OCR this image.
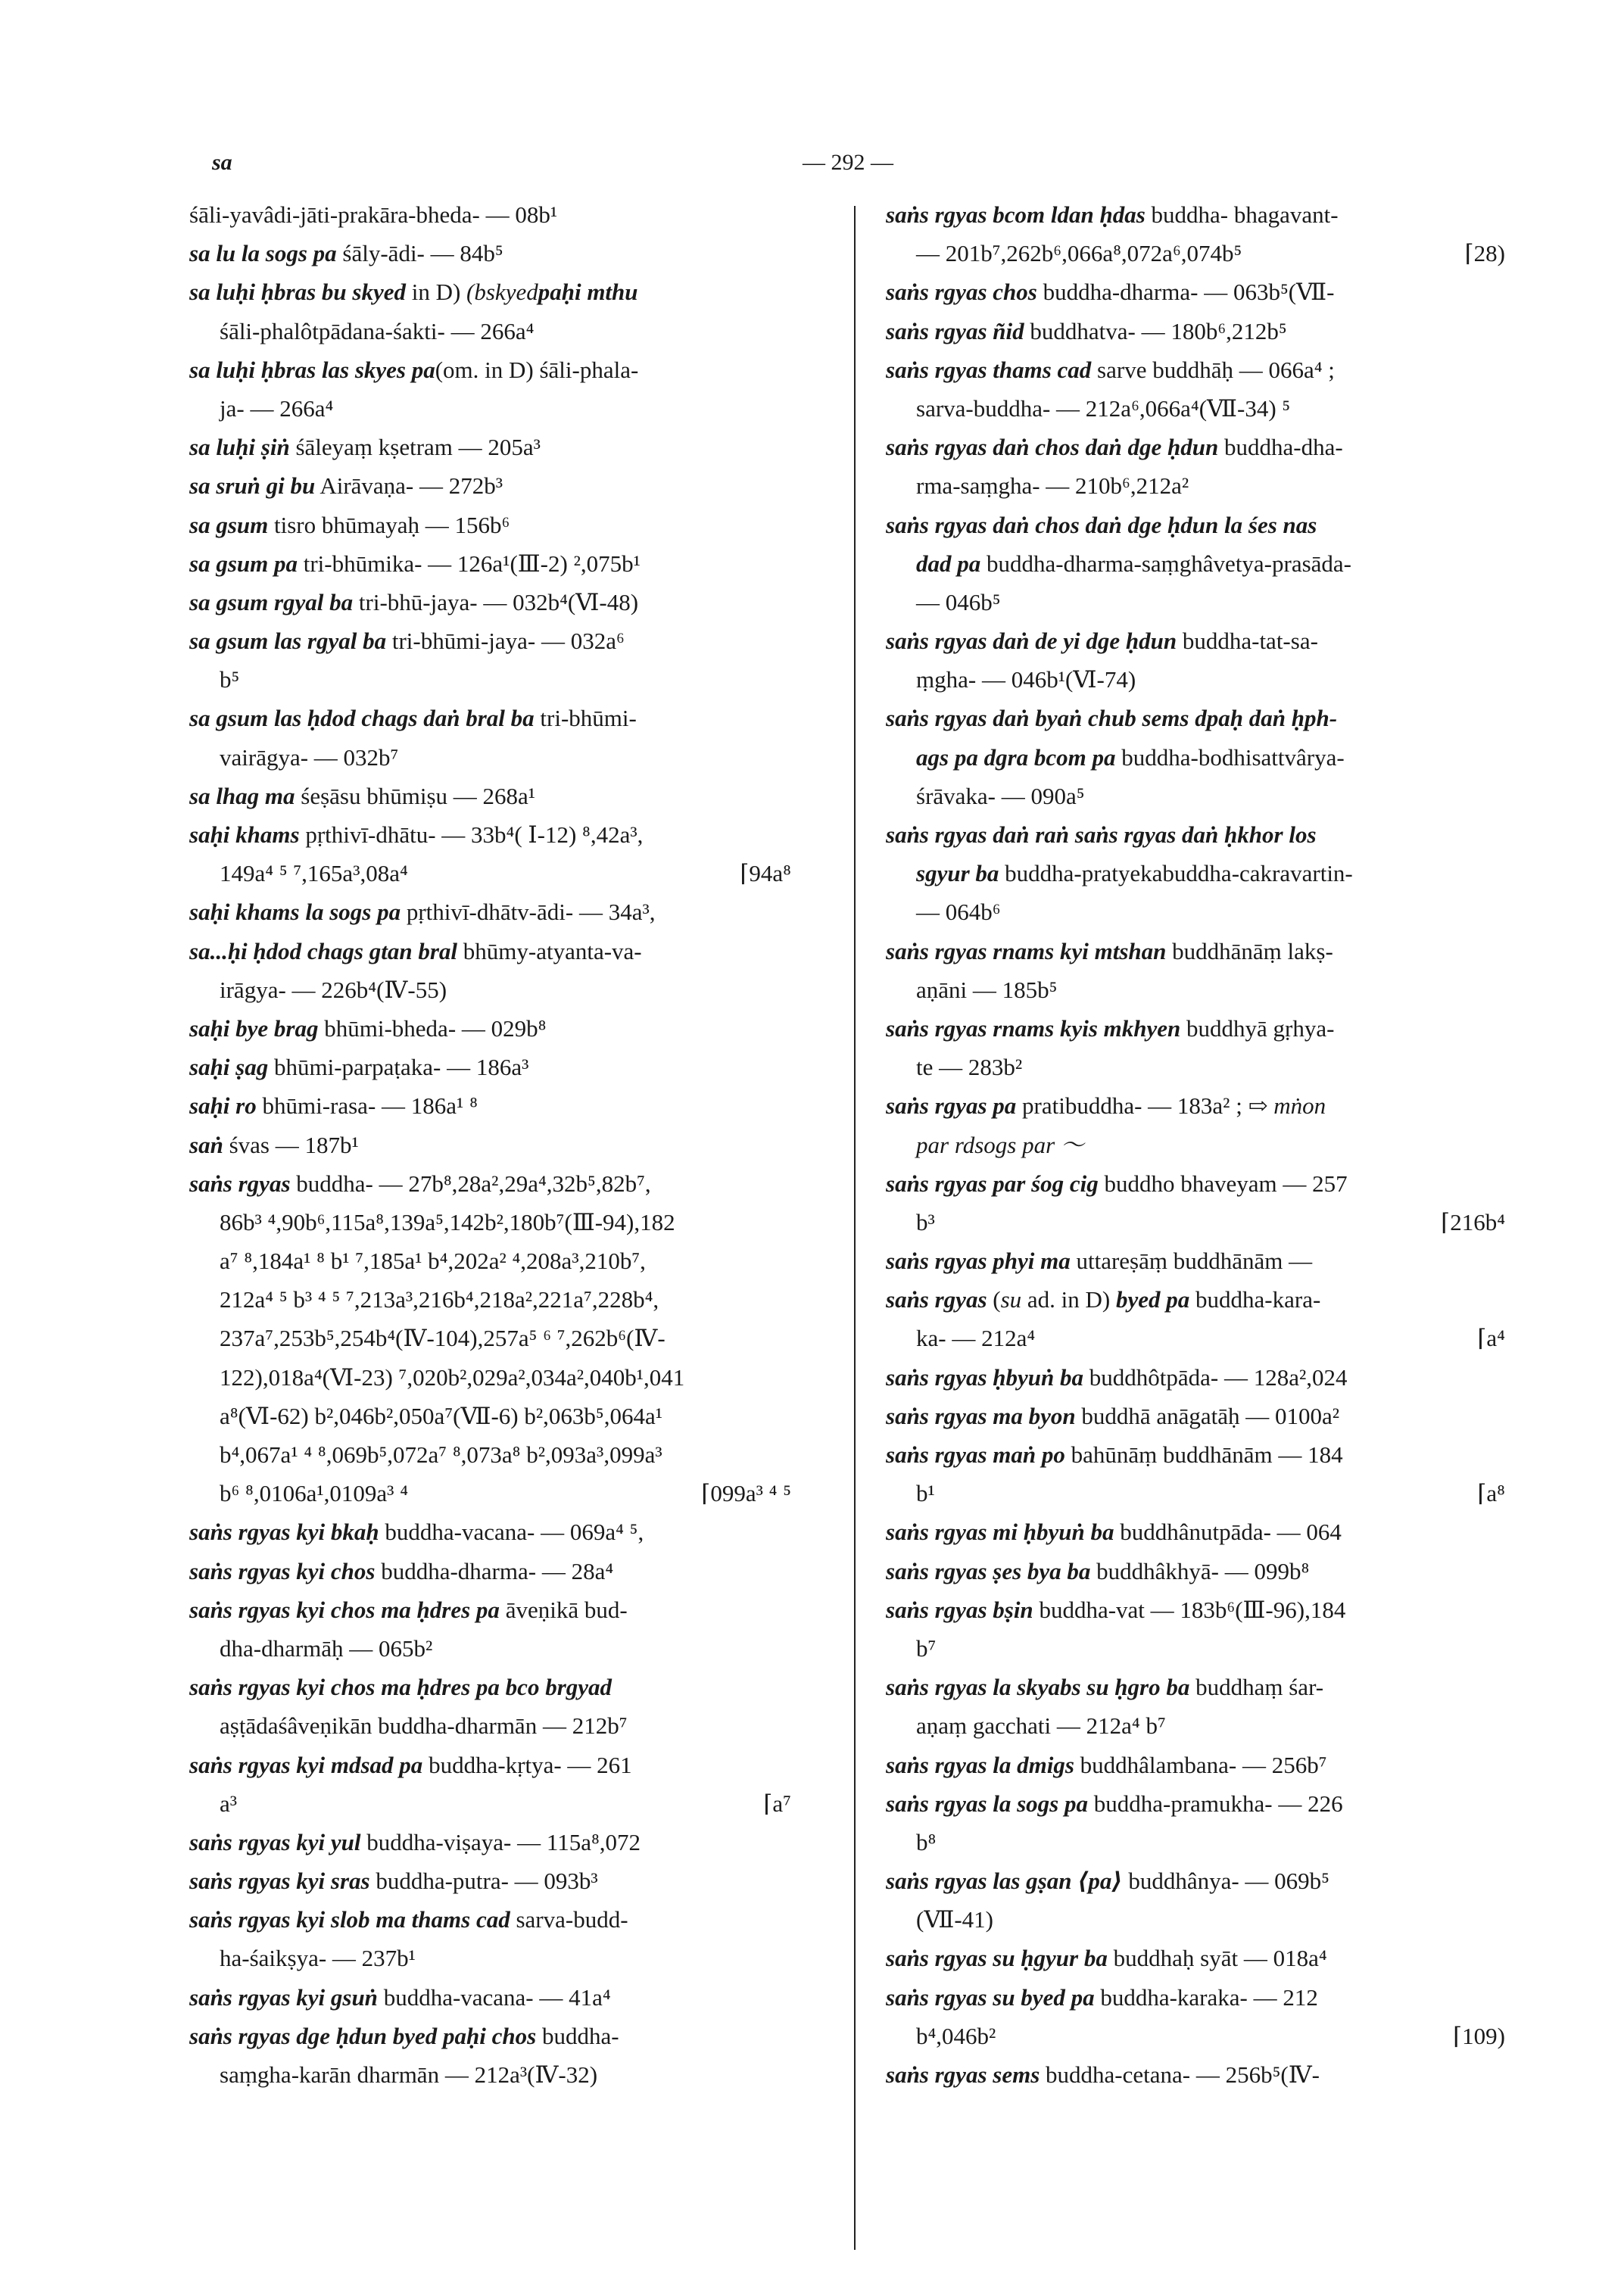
sa	— 292 —
śāli-yavâdi-jāti-prakāra-bheda- — 08b¹
sa lu la sogs pa śāly-ādi- — 84b⁵
sa luḥi ḥbras bu skyed in D) (bskyedpaḥi mthu
śāli-phalôtpādana-śakti- — 266a⁴
sa luḥi ḥbras las skyes pa(om. in D) śāli-phala-
ja- — 266a⁴
sa luḥi ṣiṅ śāleyaṃ kṣetram — 205a³
sa sruṅ gi bu Airāvaṇa- — 272b³
sa gsum tisro bhūmayaḥ — 156b⁶
sa gsum pa tri-bhūmika- — 126a¹(Ⅲ-2) ²,075b¹
sa gsum rgyal ba tri-bhū-jaya- — 032b⁴(Ⅵ-48)
sa gsum las rgyal ba tri-bhūmi-jaya- — 032a⁶
b⁵
sa gsum las ḥdod chags daṅ bral ba tri-bhūmi-
vairāgya- — 032b⁷
sa lhag ma śeṣāsu bhūmiṣu — 268a¹
saḥi khams pṛthivī-dhātu- — 33b⁴( Ⅰ-12) ⁸,42a³,
⌈94a⁸
149a⁴ ⁵ ⁷,165a³,08a⁴
saḥi khams la sogs pa pṛthivī-dhātv-ādi- — 34a³,
sa...ḥi ḥdod chags gtan bral bhūmy-atyanta-va-
irāgya- — 226b⁴(Ⅳ-55)
saḥi bye brag bhūmi-bheda- — 029b⁸
saḥi ṣag bhūmi-parpaṭaka- — 186a³
saḥi ro bhūmi-rasa- — 186a¹ ⁸
saṅ śvas — 187b¹
saṅs rgyas buddha- — 27b⁸,28a²,29a⁴,32b⁵,82b⁷,
86b³ ⁴,90b⁶,115a⁸,139a⁵,142b²,180b⁷(Ⅲ-94),182
a⁷ ⁸,184a¹ ⁸ b¹ ⁷,185a¹ b⁴,202a² ⁴,208a³,210b⁷,
212a⁴ ⁵ b³ ⁴ ⁵ ⁷,213a³,216b⁴,218a²,221a⁷,228b⁴,
237a⁷,253b⁵,254b⁴(Ⅳ-104),257a⁵ ⁶ ⁷,262b⁶(Ⅳ-
122),018a⁴(Ⅵ-23) ⁷,020b²,029a²,034a²,040b¹,041
a⁸(Ⅵ-62) b²,046b²,050a⁷(Ⅶ-6) b²,063b⁵,064a¹
b⁴,067a¹ ⁴ ⁸,069b⁵,072a⁷ ⁸,073a⁸ b²,093a³,099a³
⌈099a³ ⁴ ⁵
b⁶ ⁸,0106a¹,0109a³ ⁴
saṅs rgyas kyi bkaḥ buddha-vacana- — 069a⁴ ⁵,
saṅs rgyas kyi chos buddha-dharma- — 28a⁴
saṅs rgyas kyi chos ma ḥdres pa āveṇikā bud-
dha-dharmāḥ — 065b²
saṅs rgyas kyi chos ma ḥdres pa bco brgyad
aṣṭādaśâveṇikān buddha-dharmān — 212b⁷
saṅs rgyas kyi mdsad pa buddha-kṛtya- — 261
⌈a⁷
a³
saṅs rgyas kyi yul buddha-viṣaya- — 115a⁸,072
saṅs rgyas kyi sras buddha-putra- — 093b³
saṅs rgyas kyi slob ma thams cad sarva-budd-
ha-śaikṣya- — 237b¹
saṅs rgyas kyi gsuṅ buddha-vacana- — 41a⁴
saṅs rgyas dge ḥdun byed paḥi chos buddha-
saṃgha-karān dharmān — 212a³(Ⅳ-32)
saṅs rgyas bcom ldan ḥdas buddha- bhagavant-
⌈28)
— 201b⁷,262b⁶,066a⁸,072a⁶,074b⁵
saṅs rgyas chos buddha-dharma- — 063b⁵(Ⅶ-
saṅs rgyas ñid buddhatva- — 180b⁶,212b⁵
saṅs rgyas thams cad sarve buddhāḥ — 066a⁴ ;
sarva-buddha- — 212a⁶,066a⁴(Ⅶ-34) ⁵
saṅs rgyas daṅ chos daṅ dge ḥdun buddha-dha-
rma-saṃgha- — 210b⁶,212a²
saṅs rgyas daṅ chos daṅ dge ḥdun la śes nas
dad pa buddha-dharma-saṃghâvetya-prasāda-
— 046b⁵
saṅs rgyas daṅ de yi dge ḥdun buddha-tat-sa-
ṃgha- — 046b¹(Ⅵ-74)
saṅs rgyas daṅ byaṅ chub sems dpaḥ daṅ ḥph-
ags pa dgra bcom pa buddha-bodhisattvârya-
śrāvaka- — 090a⁵
saṅs rgyas daṅ raṅ saṅs rgyas daṅ ḥkhor los
sgyur ba buddha-pratyekabuddha-cakravartin-
— 064b⁶
saṅs rgyas rnams kyi mtshan buddhānāṃ lakṣ-
aṇāni — 185b⁵
saṅs rgyas rnams kyis mkhyen buddhyā gṛhya-
te — 283b²
saṅs rgyas pa pratibuddha- — 183a² ; ⇨ mṅon
par rdsogs par ～
saṅs rgyas par śog cig buddho bhaveyam — 257
⌈216b⁴
b³
saṅs rgyas phyi ma uttareṣāṃ buddhānām —
saṅs rgyas (su ad. in D) byed pa buddha-kara-
⌈a⁴
ka- — 212a⁴
saṅs rgyas ḥbyuṅ ba buddhôtpāda- — 128a²,024
saṅs rgyas ma byon buddhā anāgatāḥ — 0100a²
saṅs rgyas maṅ po bahūnāṃ buddhānām — 184
⌈a⁸
b¹
saṅs rgyas mi ḥbyuṅ ba buddhânutpāda- — 064
saṅs rgyas ṣes bya ba buddhâkhyā- — 099b⁸
saṅs rgyas bṣin buddha-vat — 183b⁶(Ⅲ-96),184
b⁷
saṅs rgyas la skyabs su ḥgro ba buddhaṃ śar-
aṇaṃ gacchati — 212a⁴ b⁷
saṅs rgyas la dmigs buddhâlambana- — 256b⁷
saṅs rgyas la sogs pa buddha-pramukha- — 226
b⁸
saṅs rgyas las gṣan ⟨pa⟩ buddhânya- — 069b⁵
(Ⅶ-41)
saṅs rgyas su ḥgyur ba buddhaḥ syāt — 018a⁴
saṅs rgyas su byed pa buddha-karaka- — 212
⌈109)
b⁴,046b²
saṅs rgyas sems buddha-cetana- — 256b⁵(Ⅳ-
